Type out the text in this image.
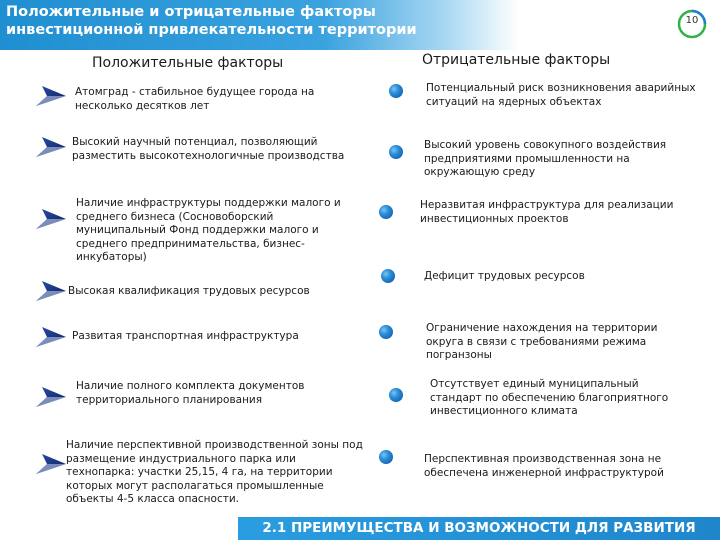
Положительные и отрицательные факторы
инвестиционной привлекательности территории
10
Положительные факторы	Отрицательные факторы
Атомград - стабильное будущее города на несколько десятков лет
Высокий научный потенциал, позволяющий разместить высокотехнологичные производства
Наличие инфраструктуры поддержки малого и среднего бизнеса (Сосновоборский муниципальный Фонд поддержки малого и среднего предпринимательства, бизнес-инкубаторы)
Высокая квалификация трудовых ресурсов
Развитая транспортная инфраструктура
Наличие полного комплекта документов территориального планирования
Наличие перспективной производственной зоны под размещение индустриального парка или технопарка: участки 25,15, 4 га, на территории которых могут располагаться промышленные объекты 4-5 класса опасности.
Потенциальный риск возникновения аварийных ситуаций на ядерных объектах
Высокий уровень совокупного воздействия предприятиями промышленности на окружающую среду
Неразвитая инфраструктура для реализации инвестиционных проектов
Дефицит трудовых ресурсов
Ограничение нахождения на территории округа в связи с требованиями режима погранзоны
Отсутствует единый муниципальный стандарт по обеспечению благоприятного инвестиционного климата
Перспективная производственная зона не обеспечена инженерной инфраструктурой
2.1 ПРЕИМУЩЕСТВА И ВОЗМОЖНОСТИ ДЛЯ РАЗВИТИЯ
